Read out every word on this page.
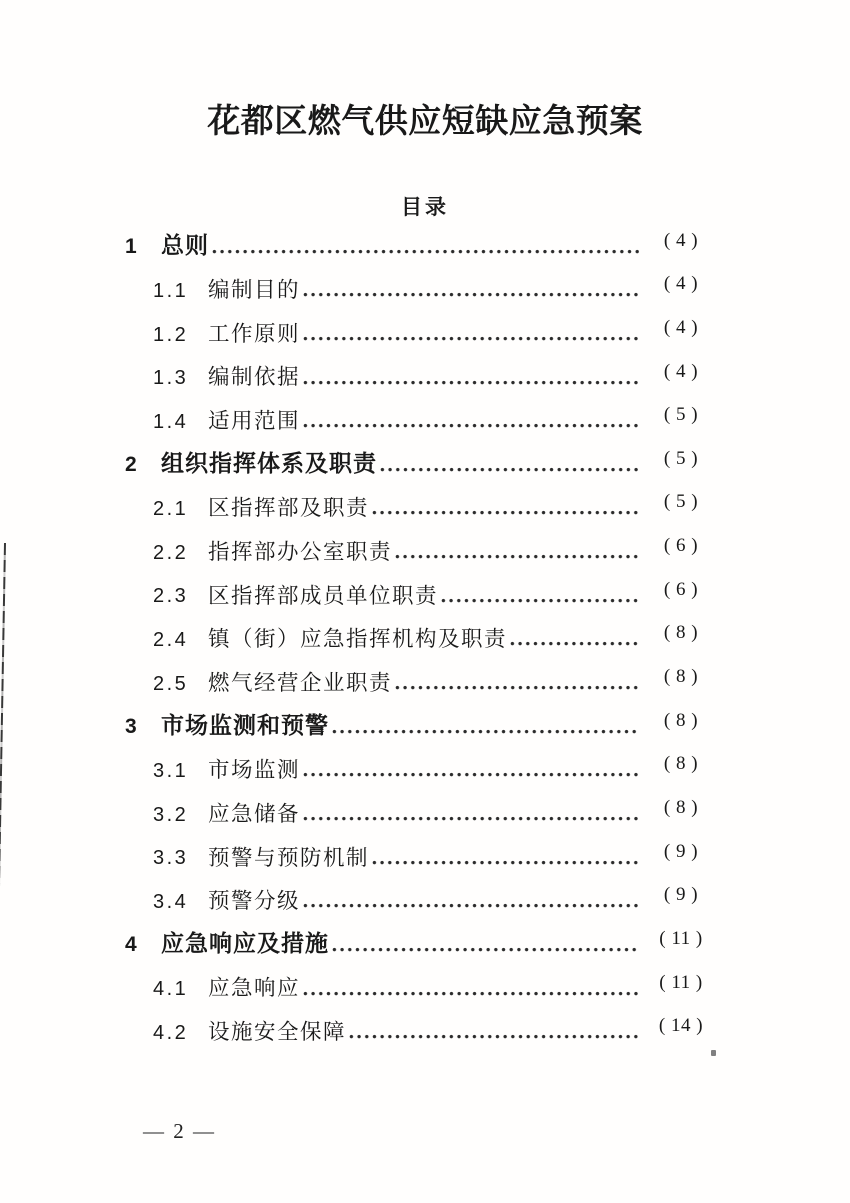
花都区燃气供应短缺应急预案
目录
1	总则	( 4 )
1.1 编制目的	( 4 )
1.2 工作原则	( 4 )
1.3 编制依据	( 4 )
1.4 适用范围	( 5 )
2	组织指挥体系及职责	( 5 )
2.1 区指挥部及职责	( 5 )
2.2 指挥部办公室职责	( 6 )
2.3 区指挥部成员单位职责	( 6 )
2.4 镇（街）应急指挥机构及职责	( 8 )
2.5 燃气经营企业职责	( 8 )
3	市场监测和预警	( 8 )
3.1 市场监测	( 8 )
3.2 应急储备	( 8 )
3.3 预警与预防机制	( 9 )
3.4 预警分级	( 9 )
4	应急响应及措施	( 11 )
4.1 应急响应	( 11 )
4.2 设施安全保障	( 14 )
— 2 —
